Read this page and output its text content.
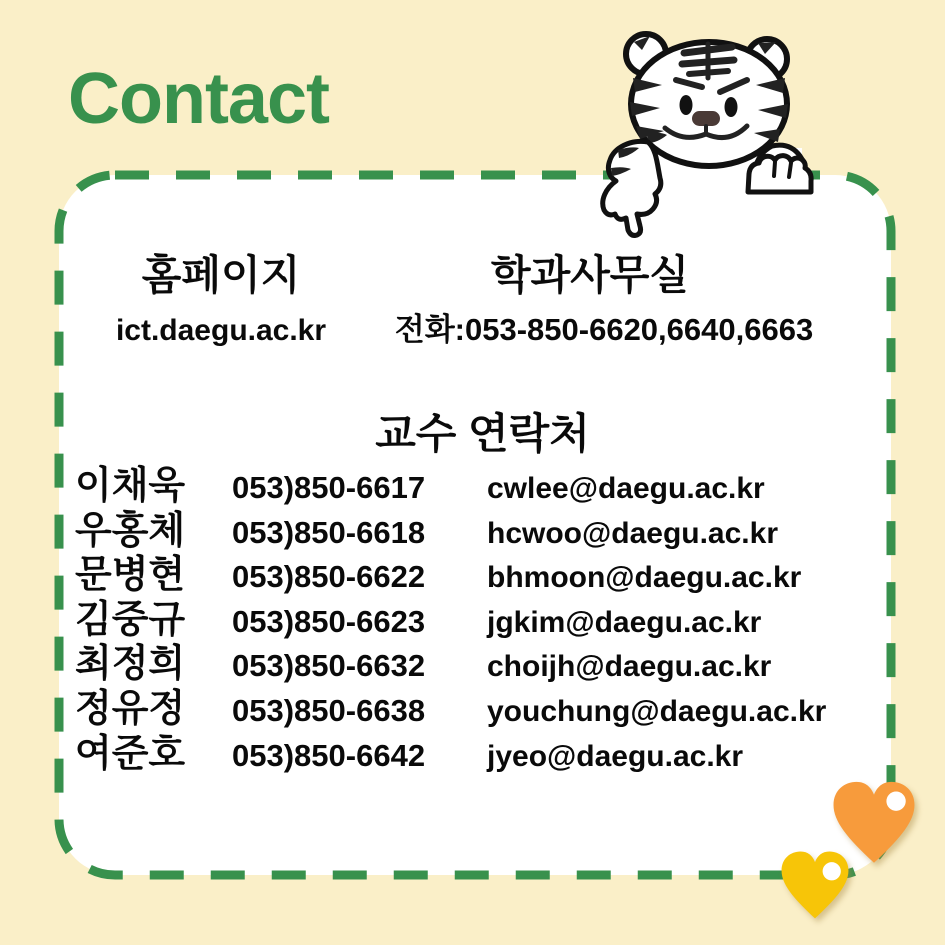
Contact
홈페이지
ict.daegu.ac.kr
학과사무실
전화:053-850-6620,6640,6663
교수 연락처
이채욱	053)850-6617	cwlee@daegu.ac.kr
우홍체	053)850-6618	hcwoo@daegu.ac.kr
문병현	053)850-6622	bhmoon@daegu.ac.kr
김중규	053)850-6623	jgkim@daegu.ac.kr
최정희	053)850-6632	choijh@daegu.ac.kr
정유정	053)850-6638	youchung@daegu.ac.kr
여준호	053)850-6642	jyeo@daegu.ac.kr
